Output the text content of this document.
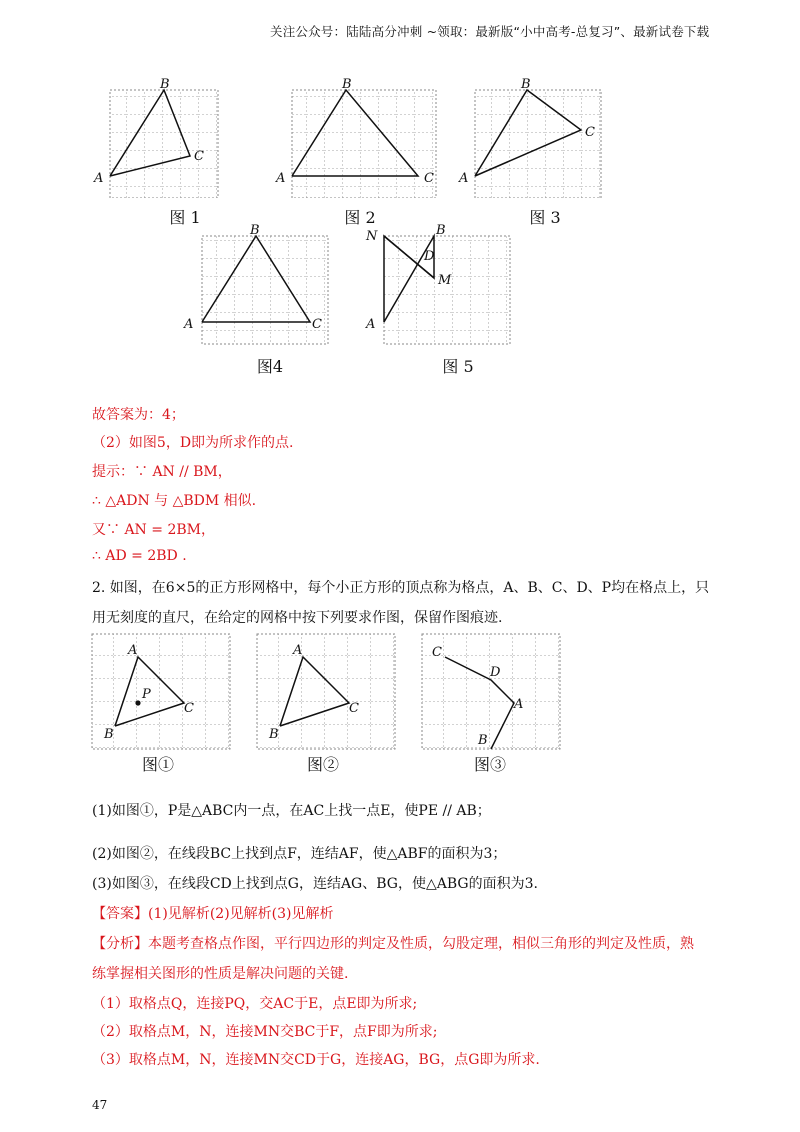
关注公众号：陆陆高分冲刺 ~领取：最新版“小中高考-总复习”、最新试卷下载
A
B
C
图 1
A
B
C
图 2
A
B
C
图 3
A
B
C
图4
N	B
D
M
A
图 5
故答案为：4；
（2）如图5，D即为所求作的点.
提示：∵ AN // BM，
∴ △ADN 与 △BDM 相似.
又∵ AN = 2BM，
∴ AD = 2BD .
2. 如图，在6×5的正方形网格中，每个小正方形的顶点称为格点，A、B、C、D、P均在格点上，只
用无刻度的直尺，在给定的网格中按下列要求作图，保留作图痕迹.
A
P
B
C
图①
A
B
C
图②
C
D
A
B
图③
(1)如图①，P是△ABC内一点，在AC上找一点E，使PE // AB；
(2)如图②，在线段BC上找到点F，连结AF，使△ABF的面积为3；
(3)如图③，在线段CD上找到点G，连结AG、BG，使△ABG的面积为3.
【答案】(1)见解析(2)见解析(3)见解析
【分析】本题考查格点作图，平行四边形的判定及性质，勾股定理，相似三角形的判定及性质，熟
练掌握相关图形的性质是解决问题的关键.
（1）取格点Q，连接PQ，交AC于E，点E即为所求;
（2）取格点M，N，连接MN交BC于F，点F即为所求;
（3）取格点M，N，连接MN交CD于G，连接AG，BG，点G即为所求.
47
